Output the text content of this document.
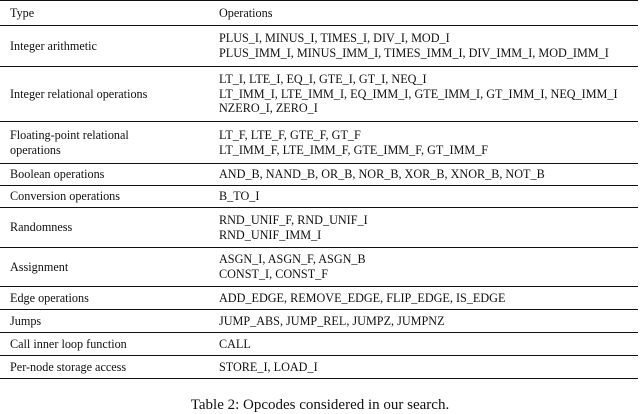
Type	Operations

Integer arithmetic	PLUS_I, MINUS_I, TIMES_I, DIV_I, MOD_I
PLUS_IMM_I, MINUS_IMM_I, TIMES_IMM_I, DIV_IMM_I, MOD_IMM_I

Integer relational operations	LT_I, LTE_I, EQ_I, GTE_I, GT_I, NEQ_I
LT_IMM_I, LTE_IMM_I, EQ_IMM_I, GTE_IMM_I, GT_IMM_I, NEQ_IMM_I
NZERO_I, ZERO_I

Floating-point relational
operations	LT_F, LTE_F, GTE_F, GT_F
LT_IMM_F, LTE_IMM_F, GTE_IMM_F, GT_IMM_F

Boolean operations	AND_B, NAND_B, OR_B, NOR_B, XOR_B, XNOR_B, NOT_B

Conversion operations	B_TO_I

Randomness	RND_UNIF_F, RND_UNIF_I
RND_UNIF_IMM_I

Assignment	ASGN_I, ASGN_F, ASGN_B
CONST_I, CONST_F

Edge operations	ADD_EDGE, REMOVE_EDGE, FLIP_EDGE, IS_EDGE

Jumps	JUMP_ABS, JUMP_REL, JUMPZ, JUMPNZ

Call inner loop function	CALL

Per-node storage access	STORE_I, LOAD_I
Table 2: Opcodes considered in our search.
